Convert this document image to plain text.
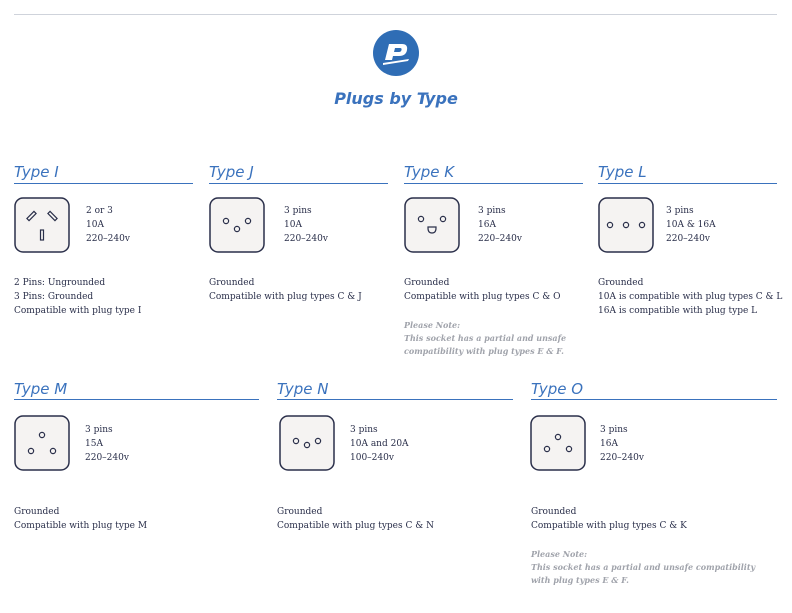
Plugs by Type
Type I
2 or 3
10A
220–240v
2 Pins: Ungrounded
3 Pins: Grounded
Compatible with plug type I
Type J
3 pins
10A
220–240v
Grounded
Compatible with plug types C & J
Type K
3 pins
16A
220–240v
Grounded
Compatible with plug types C & O
Please Note:
This socket has a partial and unsafe
compatibility with plug types E & F.
Type L
3 pins
10A & 16A
220–240v
Grounded
10A is compatible with plug types C & L
16A is compatible with plug type L
Type M
3 pins
15A
220–240v
Grounded
Compatible with plug type M
Type N
3 pins
10A and 20A
100–240v
Grounded
Compatible with plug types C & N
Type O
3 pins
16A
220–240v
Grounded
Compatible with plug types C & K
Please Note:
This socket has a partial and unsafe compatibility
with plug types E & F.
